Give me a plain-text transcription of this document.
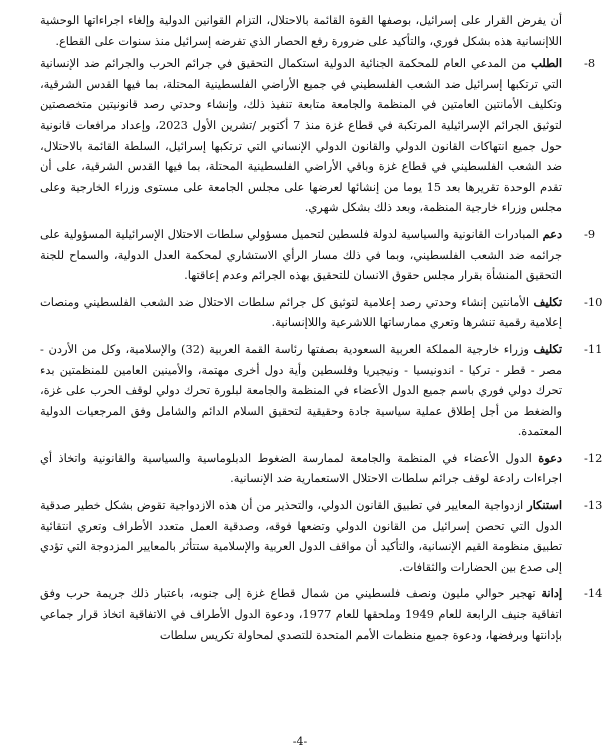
أن يفرض القرار على إسرائيل، بوصفها القوة القائمة بالاحتلال، التزام القوانين الدولية وإلغاء اجراءاتها الوحشية اللاإنسانية هذه بشكل فوري، والتأكيد على ضرورة رفع الحصار الذي تفرضه إسرائيل منذ سنوات على القطاع.
-8
الطلب من المدعي العام للمحكمة الجنائية الدولية استكمال التحقيق في جرائم الحرب والجرائم ضد الإنسانية التي ترتكبها إسرائيل ضد الشعب الفلسطيني في جميع الأراضي الفلسطينية المحتلة، بما فيها القدس الشرقية، وتكليف الأمانتين العامتين في المنظمة والجامعة متابعة تنفيذ ذلك، وإنشاء وحدتي رصد قانونيتين متخصصتين لتوثيق الجرائم الإسرائيلية المرتكبة في قطاع غزة منذ 7 أكتوبر /تشرين الأول 2023، وإعداد مرافعات قانونية حول جميع انتهاكات القانون الدولي والقانون الدولي الإنساني التي ترتكبها إسرائيل، السلطة القائمة بالاحتلال، ضد الشعب الفلسطيني في قطاع غزة وباقي الأراضي الفلسطينية المحتلة، بما فيها القدس الشرقية، على أن تقدم الوحدة تقريرها بعد 15 يوما من إنشائها لعرضها على مجلس الجامعة على مستوى وزراء الخارجية وعلى مجلس وزراء خارجية المنظمة، وبعد ذلك بشكل شهري.
-9
دعم المبادرات القانونية والسياسية لدولة فلسطين لتحميل مسؤولي سلطات الاحتلال الإسرائيلية المسؤولية على جرائمه ضد الشعب الفلسطيني، وبما في ذلك مسار الرأي الاستشاري لمحكمة العدل الدولية، والسماح للجنة التحقيق المنشأة بقرار مجلس حقوق الانسان للتحقيق بهذه الجرائم وعدم إعاقتها.
-10
تكليف الأمانتين إنشاء وحدتي رصد إعلامية لتوثيق كل جرائم سلطات الاحتلال ضد الشعب الفلسطيني ومنصات إعلامية رقمية تنشرها وتعري ممارساتها اللاشرعية واللاإنسانية.
-11
تكليف وزراء خارجية المملكة العربية السعودية بصفتها رئاسة القمة العربية (32) والإسلامية، وكل من الأردن - مصر - قطر - تركيا - اندونيسيا - ونيجيريا وفلسطين وأية دول أخرى مهتمة، والأمينين العامين للمنظمتين بدء تحرك دولي فوري باسم جميع الدول الأعضاء في المنظمة والجامعة لبلورة تحرك دولي لوقف الحرب على غزة، والضغط من أجل إطلاق عملية سياسية جادة وحقيقية لتحقيق السلام الدائم والشامل وفق المرجعيات الدولية المعتمدة.
-12
دعوة الدول الأعضاء في المنظمة والجامعة لممارسة الضغوط الدبلوماسية والسياسية والقانونية واتخاذ أي اجراءات رادعة لوقف جرائم سلطات الاحتلال الاستعمارية ضد الإنسانية.
-13
استنكار ازدواجية المعايير في تطبيق القانون الدولي، والتحذير من أن هذه الازدواجية تقوض بشكل خطير صدقية الدول التي تحصن إسرائيل من القانون الدولي وتضعها فوقه، وصدقية العمل متعدد الأطراف وتعري انتقائية تطبيق منظومة القيم الإنسانية، والتأكيد أن مواقف الدول العربية والإسلامية ستتأثر بالمعايير المزدوجة التي تؤدي إلى صدع بين الحضارات والثقافات.
-14
إدانة تهجير حوالي مليون ونصف فلسطيني من شمال قطاع غزة إلى جنوبه، باعتبار ذلك جريمة حرب وفق اتفاقية جنيف الرابعة للعام 1949 وملحقها للعام 1977، ودعوة الدول الأطراف في الاتفاقية اتخاذ قرار جماعي بإدانتها وبرفضها، ودعوة جميع منظمات الأمم المتحدة للتصدي لمحاولة تكريس سلطات
-4-
